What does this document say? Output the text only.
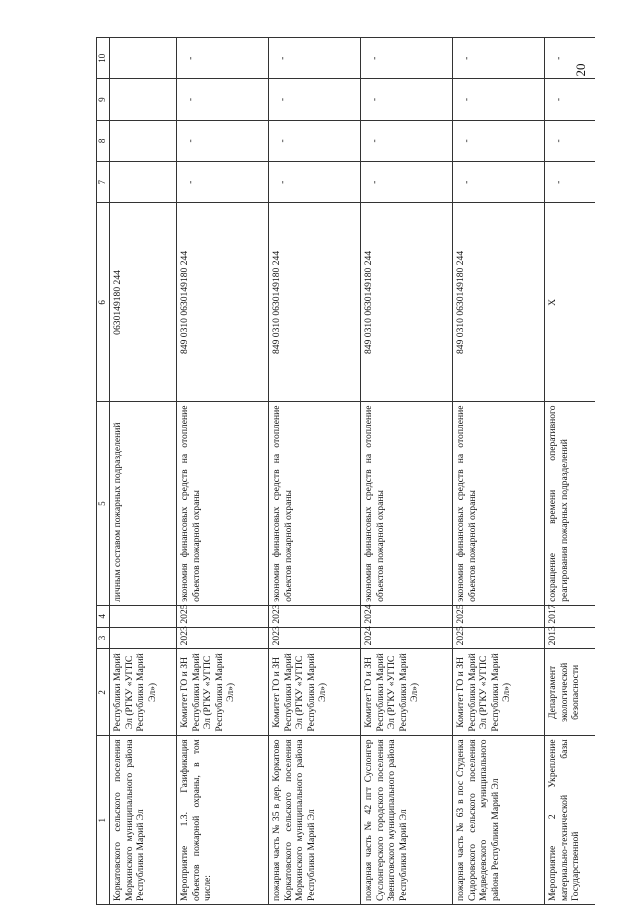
20
1	2	3	4	5	6	7	8	9	10
Коркатовского сельского поселения Моркинского муниципального района Республики Марий Эл	Республики Марий Эл (РГКУ «УГПС Республики Марий Эл»)			личным составом пожарных подразделений	0630149180 244				
Мероприятие 1.3. Газификация объектов пожарной охраны, в том числе:	Комитет ГО и ЗН Республики Марий Эл (РГКУ «УГПС Республики Марий Эл»)	2023	2025	экономия финансовых средств на отопление объектов пожарной охраны	849 0310 0630149180 244	-	-	-	-
пожарная часть № 35 в дер. Коркатово Коркатовского сельского поселения Моркинского муниципального района Республики Марий Эл	Комитет ГО и ЗН Республики Марий Эл (РГКУ «УГПС Республики Марий Эл»)	2023	2023	экономия финансовых средств на отопление объектов пожарной охраны	849 0310 0630149180 244	-	-	-	-
пожарная часть № 42 пгт Суслонгер Суслонгерского городского поселения Звениговского муниципального района Республики Марий Эл	Комитет ГО и ЗН Республики Марий Эл (РГКУ «УГПС Республики Марий Эл»)	2024	2024	экономия финансовых средств на отопление объектов пожарной охраны	849 0310 0630149180 244	-	-	-	-
пожарная часть № 63 в пос Студенка Сидоровского сельского поселения Медведевского муниципального района Республики Марий Эл	Комитет ГО и ЗН Республики Марий Эл (РГКУ «УГПС Республики Марий Эл»)	2025	2025	экономия финансовых средств на отопление объектов пожарной охраны	849 0310 0630149180 244	-	-	-	-
Мероприятие 2 Укрепление материально-технической базы Государственной	Департамент экологической безопасности	2013	2017	сокращение времени оперативного реагирования пожарных подразделений	Х	-	-	-	-
